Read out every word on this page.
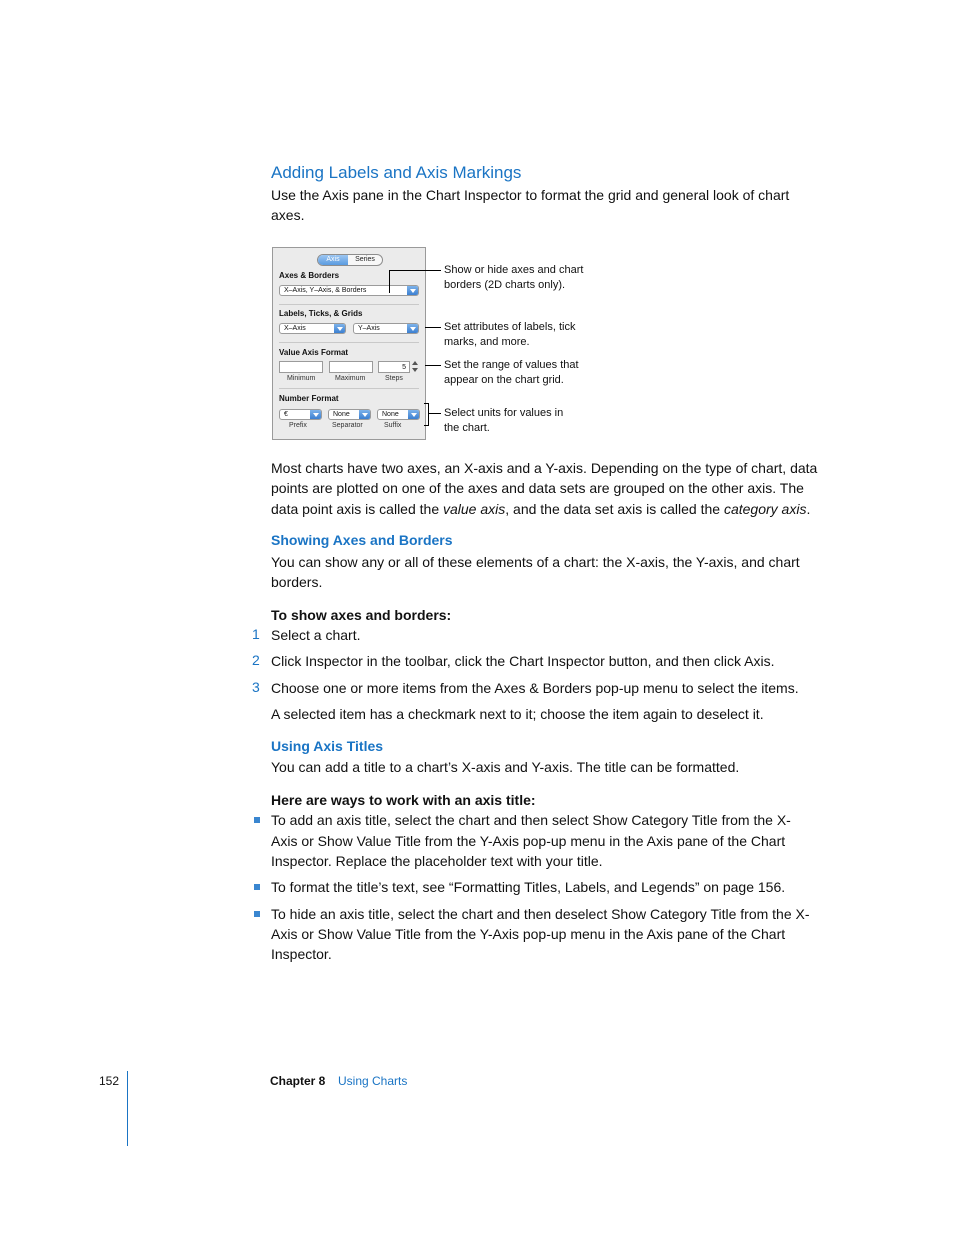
Adding Labels and Axis Markings
Use the Axis pane in the Chart Inspector to format the grid and general look of chart
axes.
Axis	Series
Axes & Borders
X–Axis, Y–Axis, & Borders
Labels, Ticks, & Grids
X–Axis	Y–Axis
Value Axis Format
5
Minimum	Maximum	Steps
Number Format
€	None	None
Prefix	Separator	Suffix
Show or hide axes and chart
borders (2D charts only).
Set attributes of labels, tick
marks, and more.
Set the range of values that
appear on the chart grid.
Select units for values in
the chart.
Most charts have two axes, an X-axis and a Y-axis. Depending on the type of chart, data
points are plotted on one of the axes and data sets are grouped on the other axis. The
data point axis is called the value axis, and the data set axis is called the category axis.
Showing Axes and Borders
You can show any or all of these elements of a chart: the X-axis, the Y-axis, and chart
borders.
To show axes and borders:
1 Select a chart.
2 Click Inspector in the toolbar, click the Chart Inspector button, and then click Axis.
3 Choose one or more items from the Axes & Borders pop-up menu to select the items.
A selected item has a checkmark next to it; choose the item again to deselect it.
Using Axis Titles
You can add a title to a chart’s X-axis and Y-axis. The title can be formatted.
Here are ways to work with an axis title:
To add an axis title, select the chart and then select Show Category Title from the X-
Axis or Show Value Title from the Y-Axis pop-up menu in the Axis pane of the Chart
Inspector. Replace the placeholder text with your title.
To format the title’s text, see “Formatting Titles, Labels, and Legends” on page 156.
To hide an axis title, select the chart and then deselect Show Category Title from the X-
Axis or Show Value Title from the Y-Axis pop-up menu in the Axis pane of the Chart
Inspector.
152	Chapter 8 Using Charts
